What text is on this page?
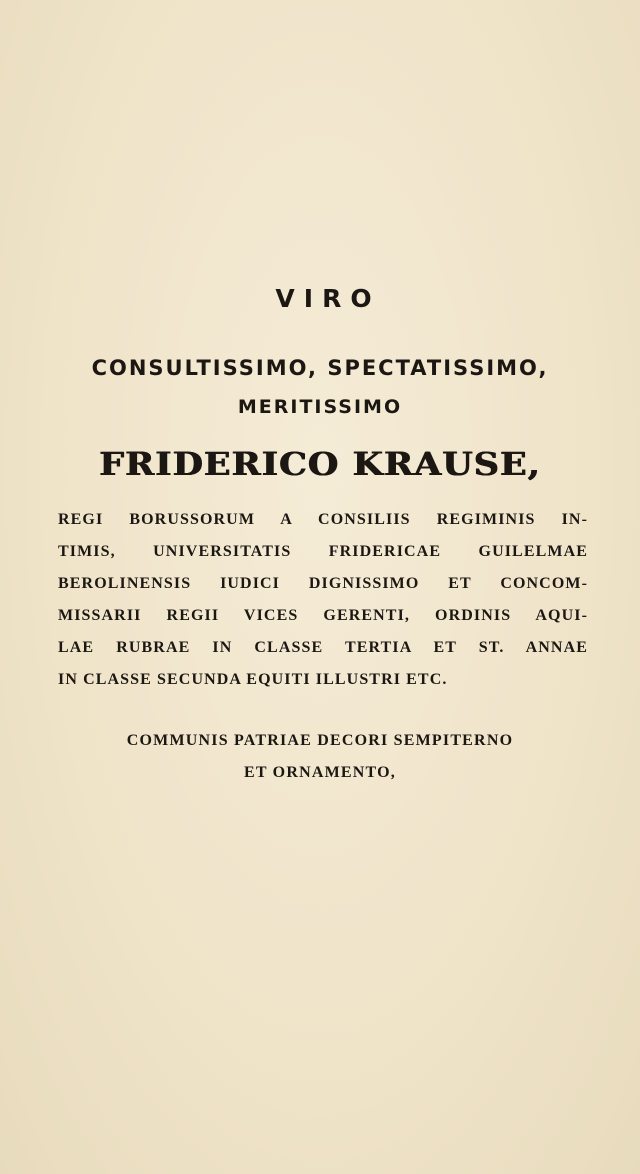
VIRO
CONSULTISSIMO, SPECTATISSIMO,
MERITISSIMO
FRIDERICO KRAUSE,
REGI BORUSSORUM A CONSILIIS REGIMINIS IN-
TIMIS, UNIVERSITATIS FRIDERICAE GUILELMAE
BEROLINENSIS IUDICI DIGNISSIMO ET CONCOM-
MISSARII REGII VICES GERENTI, ORDINIS AQUI-
LAE RUBRAE IN CLASSE TERTIA ET ST. ANNAE
IN CLASSE SECUNDA EQUITI ILLUSTRI ETC.
COMMUNIS PATRIAE DECORI SEMPITERNO
ET ORNAMENTO,
